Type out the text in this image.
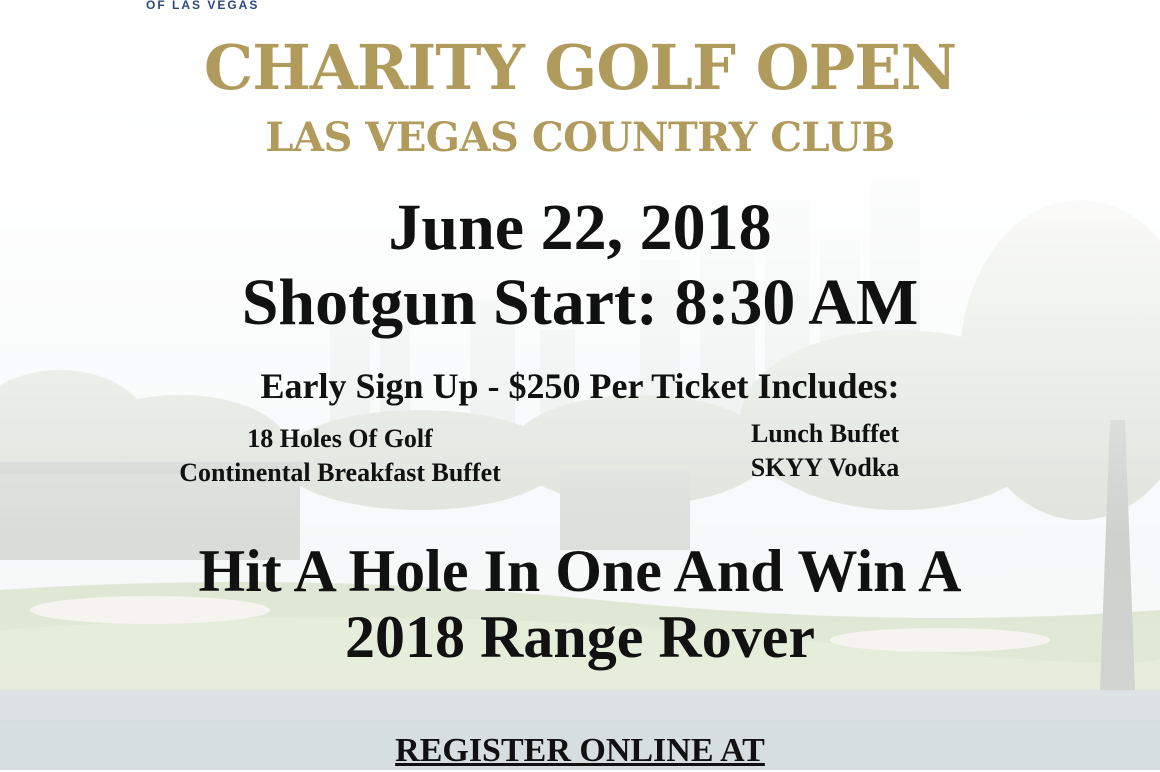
OF LAS VEGAS
CHARITY GOLF OPEN
LAS VEGAS COUNTRY CLUB
June 22, 2018
Shotgun Start: 8:30 AM
Early Sign Up - $250 Per Ticket Includes:
18 Holes Of Golf
Continental Breakfast Buffet
Lunch Buffet
SKYY Vodka
Hit A Hole In One And Win A
2018 Range Rover
REGISTER ONLINE AT
